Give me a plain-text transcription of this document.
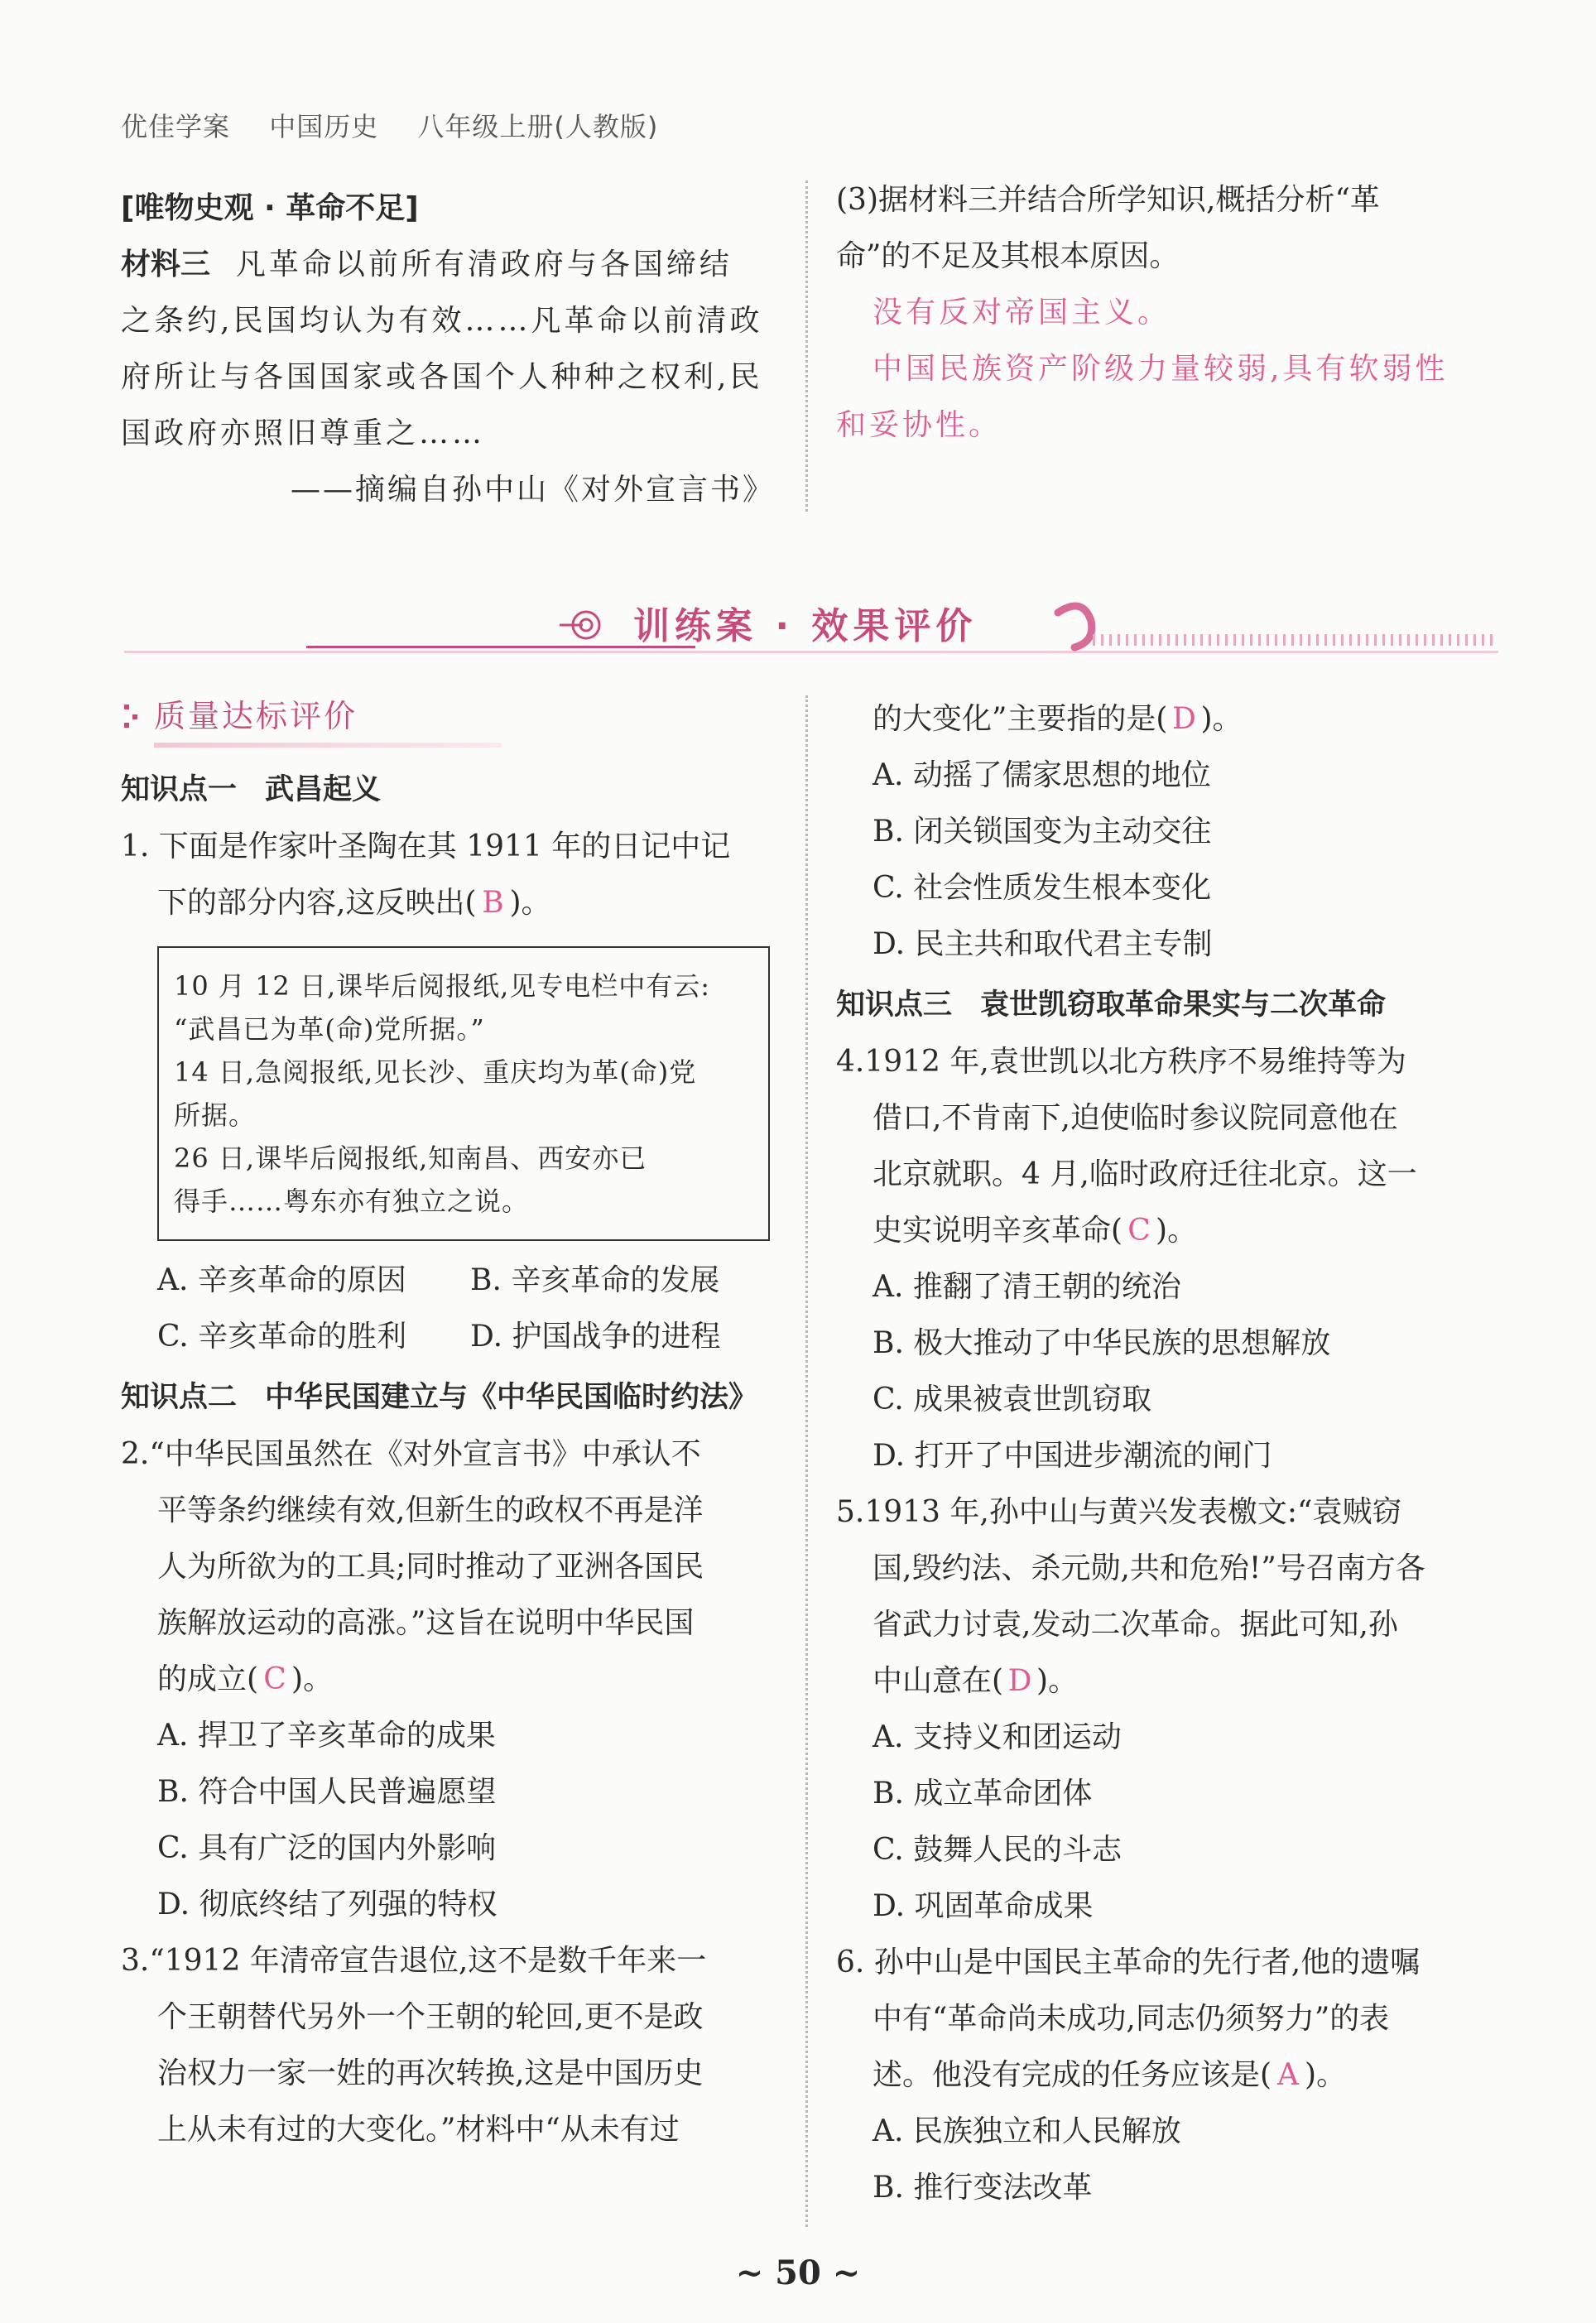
优佳学案 中国历史 八年级上册(人教版)
[唯物史观 · 革命不足]
材料三 凡革命以前所有清政府与各国缔结
之条约,民国均认为有效……凡革命以前清政
府所让与各国国家或各国个人种种之权利,民
国政府亦照旧尊重之……
——摘编自孙中山《对外宣言书》
(3)据材料三并结合所学知识,概括分析“革
命”的不足及其根本原因。
没有反对帝国主义。
中国民族资产阶级力量较弱,具有软弱性
和妥协性。
训练案 · 效果评价
质量达标评价
知识点一 武昌起义
1. 下面是作家叶圣陶在其 1911 年的日记中记
下的部分内容,这反映出( B )。
10 月 12 日,课毕后阅报纸,见专电栏中有云:
“武昌已为革(命)党所据。”
14 日,急阅报纸,见长沙、重庆均为革(命)党
所据。
26 日,课毕后阅报纸,知南昌、西安亦已
得手……粤东亦有独立之说。
A. 辛亥革命的原因	B. 辛亥革命的发展
C. 辛亥革命的胜利	D. 护国战争的进程
知识点二 中华民国建立与《中华民国临时约法》
2.“中华民国虽然在《对外宣言书》中承认不
平等条约继续有效,但新生的政权不再是洋
人为所欲为的工具;同时推动了亚洲各国民
族解放运动的高涨。”这旨在说明中华民国
的成立( C )。
A. 捍卫了辛亥革命的成果
B. 符合中国人民普遍愿望
C. 具有广泛的国内外影响
D. 彻底终结了列强的特权
3.“1912 年清帝宣告退位,这不是数千年来一
个王朝替代另外一个王朝的轮回,更不是政
治权力一家一姓的再次转换,这是中国历史
上从未有过的大变化。”材料中“从未有过
的大变化”主要指的是( D )。
A. 动摇了儒家思想的地位
B. 闭关锁国变为主动交往
C. 社会性质发生根本变化
D. 民主共和取代君主专制
知识点三 袁世凯窃取革命果实与二次革命
4.1912 年,袁世凯以北方秩序不易维持等为
借口,不肯南下,迫使临时参议院同意他在
北京就职。4 月,临时政府迁往北京。这一
史实说明辛亥革命( C )。
A. 推翻了清王朝的统治
B. 极大推动了中华民族的思想解放
C. 成果被袁世凯窃取
D. 打开了中国进步潮流的闸门
5.1913 年,孙中山与黄兴发表檄文:“袁贼窃
国,毁约法、杀元勋,共和危殆!”号召南方各
省武力讨袁,发动二次革命。据此可知,孙
中山意在( D )。
A. 支持义和团运动
B. 成立革命团体
C. 鼓舞人民的斗志
D. 巩固革命成果
6. 孙中山是中国民主革命的先行者,他的遗嘱
中有“革命尚未成功,同志仍须努力”的表
述。他没有完成的任务应该是( A )。
A. 民族独立和人民解放
B. 推行变法改革
~ 50 ~
